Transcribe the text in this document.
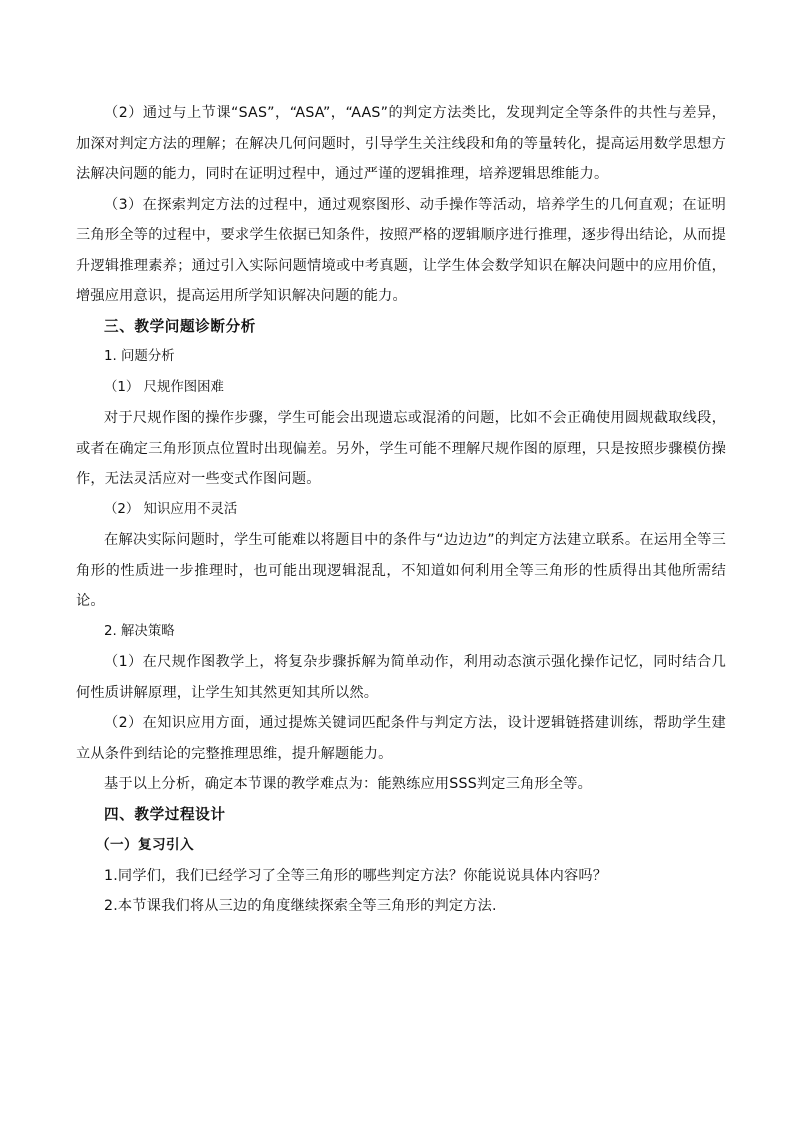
（2）通过与上节课“SAS”，“ASA”，“AAS”的判定方法类比，发现判定全等条件的共性与差异，加深对判定方法的理解；在解决几何问题时，引导学生关注线段和角的等量转化，提高运用数学思想方法解决问题的能力，同时在证明过程中，通过严谨的逻辑推理，培养逻辑思维能力。

（3）在探索判定方法的过程中，通过观察图形、动手操作等活动，培养学生的几何直观；在证明三角形全等的过程中，要求学生依据已知条件，按照严格的逻辑顺序进行推理，逐步得出结论，从而提升逻辑推理素养；通过引入实际问题情境或中考真题，让学生体会数学知识在解决问题中的应用价值，增强应用意识，提高运用所学知识解决问题的能力。

三、教学问题诊断分析

1. 问题分析

（1） 尺规作图困难

对于尺规作图的操作步骤，学生可能会出现遗忘或混淆的问题，比如不会正确使用圆规截取线段，或者在确定三角形顶点位置时出现偏差。另外，学生可能不理解尺规作图的原理，只是按照步骤模仿操作，无法灵活应对一些变式作图问题。

（2） 知识应用不灵活

在解决实际问题时，学生可能难以将题目中的条件与“边边边”的判定方法建立联系。在运用全等三角形的性质进一步推理时，也可能出现逻辑混乱，不知道如何利用全等三角形的性质得出其他所需结论。

2. 解决策略

（1）在尺规作图教学上，将复杂步骤拆解为简单动作，利用动态演示强化操作记忆，同时结合几何性质讲解原理，让学生知其然更知其所以然。

（2）在知识应用方面，通过提炼关键词匹配条件与判定方法，设计逻辑链搭建训练，帮助学生建立从条件到结论的完整推理思维，提升解题能力。

基于以上分析，确定本节课的教学难点为：能熟练应用SSS判定三角形全等。

四、教学过程设计

（一）复习引入

1.同学们，我们已经学习了全等三角形的哪些判定方法？你能说说具体内容吗？

2.本节课我们将从三边的角度继续探索全等三角形的判定方法.
